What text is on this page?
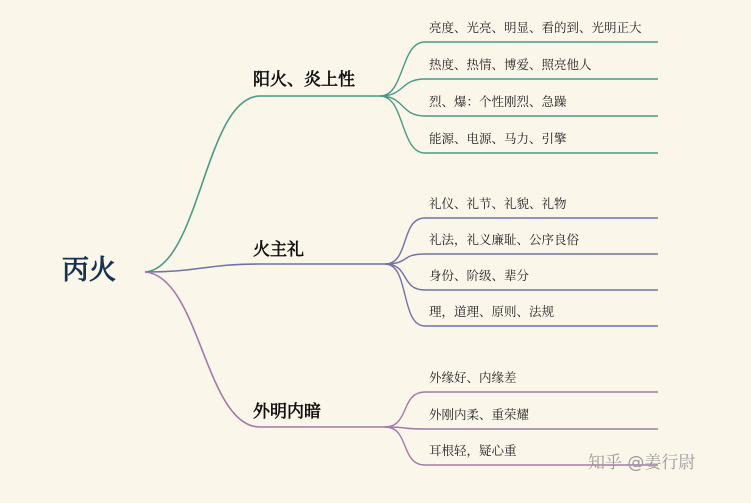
丙火
阳火、炎上性
火主礼
外明内暗
亮度、光亮、明显、看的到、光明正大
热度、热情、博爱、照亮他人
烈、爆：个性刚烈、急躁
能源、电源、马力、引擎
礼仪、礼节、礼貌、礼物
礼法，礼义廉耻、公序良俗
身份、阶级、辈分
理，道理、原则、法规
外缘好、内缘差
外刚内柔、重荣耀
耳根轻，疑心重
知乎 @姜行尉
